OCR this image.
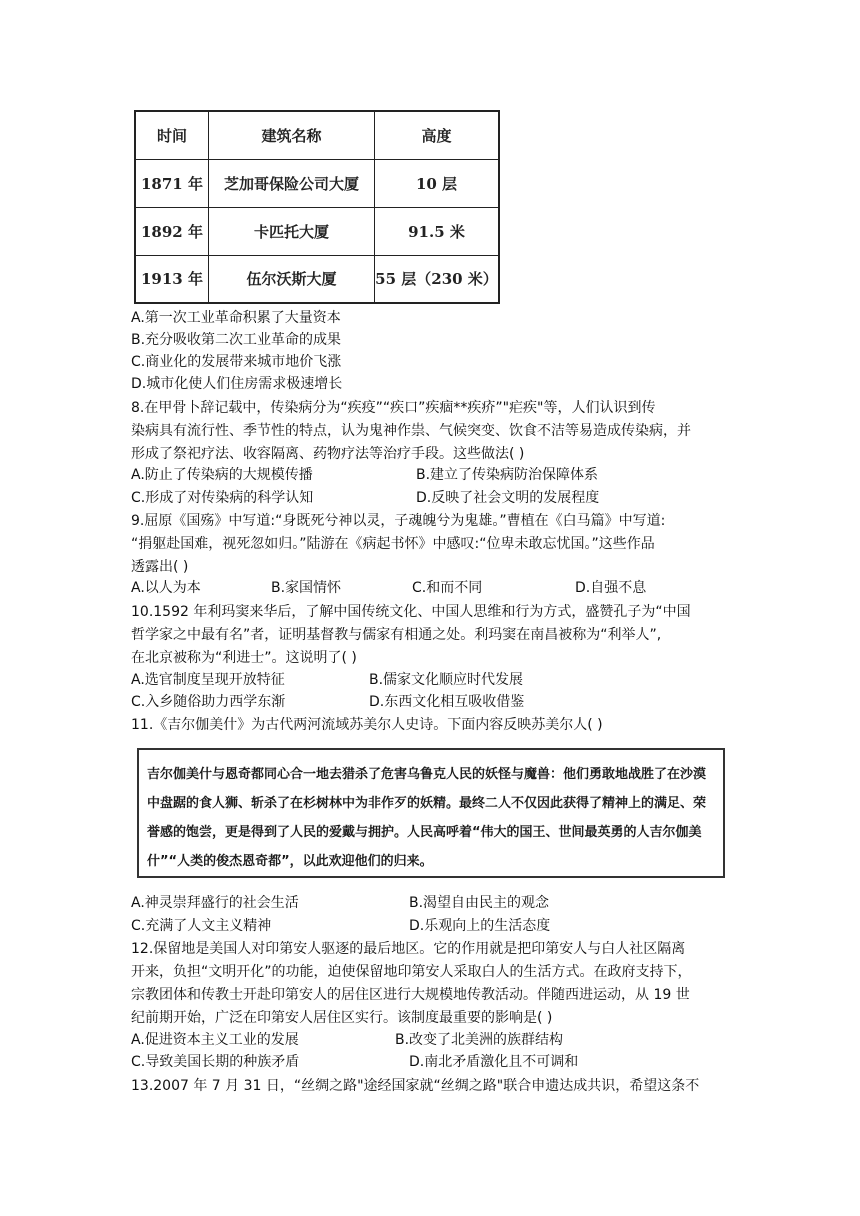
时间	建筑名称	高度
1871 年	芝加哥保险公司大厦	10 层
1892 年	卡匹托大厦	91.5 米
1913 年	伍尔沃斯大厦	55 层（230 米）
A.第一次工业革命积累了大量资本
B.充分吸收第二次工业革命的成果
C.商业化的发展带来城市地价飞涨
D.城市化使人们住房需求极速增长
8.在甲骨卜辞记载中，传染病分为“疾疫”“疾口”疾痼**疾疥”"疟疾"等，人们认识到传
染病具有流行性、季节性的特点，认为鬼神作祟、气候突变、饮食不洁等易造成传染病，并
形成了祭祀疗法、收容隔离、药物疗法等治疗手段。这些做法( )
A.防止了传染病的大规模传播	B.建立了传染病防治保障体系
C.形成了对传染病的科学认知	D.反映了社会文明的发展程度
9.屈原《国殇》中写道:“身既死兮神以灵，子魂魄兮为鬼雄。”曹植在《白马篇》中写道:
“捐躯赴国难，视死忽如归。”陆游在《病起书怀》中感叹:“位卑未敢忘忧国。”这些作品
透露出( )
A.以人为本	B.家国情怀	C.和而不同	D.自强不息
10.1592 年利玛窦来华后，了解中国传统文化、中国人思维和行为方式，盛赞孔子为“中国
哲学家之中最有名”者，证明基督教与儒家有相通之处。利玛窦在南昌被称为“利举人”,
在北京被称为“利进士”。这说明了( )
A.选官制度呈现开放特征	B.儒家文化顺应时代发展
C.入乡随俗助力西学东渐	D.东西文化相互吸收借鉴
11.《吉尔伽美什》为古代两河流域苏美尔人史诗。下面内容反映苏美尔人( )
吉尔伽美什与恩奇都同心合一地去猎杀了危害乌鲁克人民的妖怪与魔兽：他们勇敢地战胜了在沙漠
中盘踞的食人狮、斩杀了在杉树林中为非作歹的妖精。最终二人不仅因此获得了精神上的满足、荣
誉感的饱尝，更是得到了人民的爱戴与拥护。人民高呼着“伟大的国王、世间最英勇的人吉尔伽美
什”“人类的俊杰恩奇都”，以此欢迎他们的归来。
A.神灵崇拜盛行的社会生活	B.渴望自由民主的观念
C.充满了人文主义精神	D.乐观向上的生活态度
12.保留地是美国人对印第安人驱逐的最后地区。它的作用就是把印第安人与白人社区隔离
开来，负担“文明开化”的功能，迫使保留地印第安人采取白人的生活方式。在政府支持下，
宗教团体和传教士开赴印第安人的居住区进行大规模地传教活动。伴随西进运动，从 19 世
纪前期开始，广泛在印第安人居住区实行。该制度最重要的影响是( )
A.促进资本主义工业的发展	B.改变了北美洲的族群结构
C.导致美国长期的种族矛盾	D.南北矛盾激化且不可调和
13.2007 年 7 月 31 日，“丝绸之路"途经国家就“丝绸之路"联合申遗达成共识，希望这条不
